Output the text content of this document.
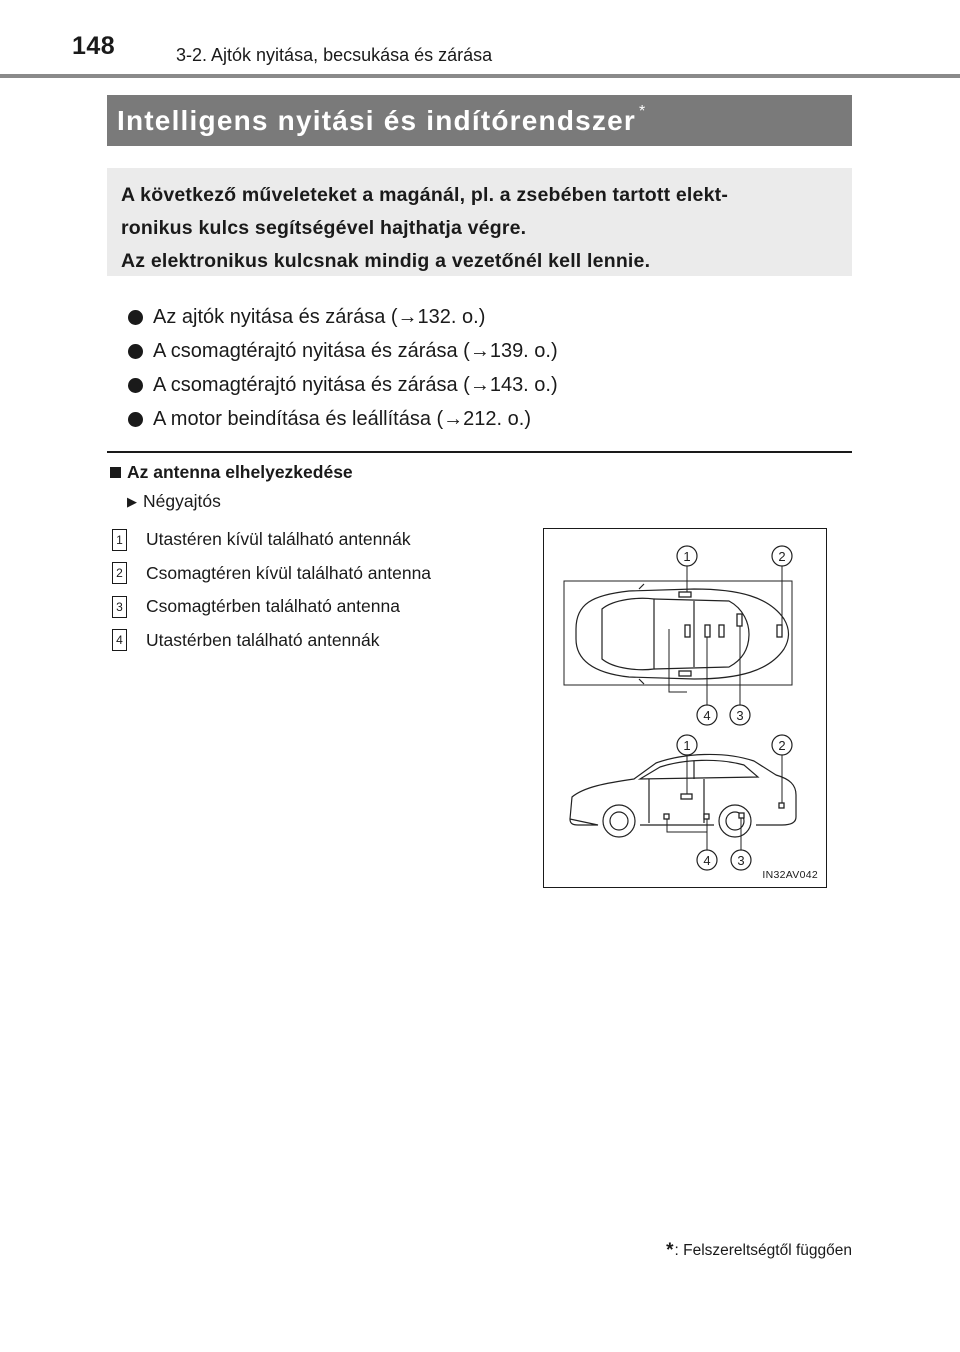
148	3-2. Ajtók nyitása, becsukása és zárása
Intelligens nyitási és indítórendszer *

A következő műveleteket a magánál, pl. a zsebében tartott elekt-

ronikus kulcs segítségével hajthatja végre.

Az elektronikus kulcsnak mindig a vezetőnél kell lennie.

Az ajtók nyitása és zárása (→132. o.)
A csomagtérajtó nyitása és zárása (→139. o.)
A csomagtérajtó nyitása és zárása (→143. o.)
A motor beindítása és leállítása (→212. o.)
Az antenna elhelyezkedése
▶ Négyajtós
1 Utastéren kívül található antennák
2 Csomagtéren kívül található antenna
3 Csomagtérben található antenna
4 Utastérben található antennák
1	2
4 3
1	2
4 3
IN32AV042
* : Felszereltségtől függően
